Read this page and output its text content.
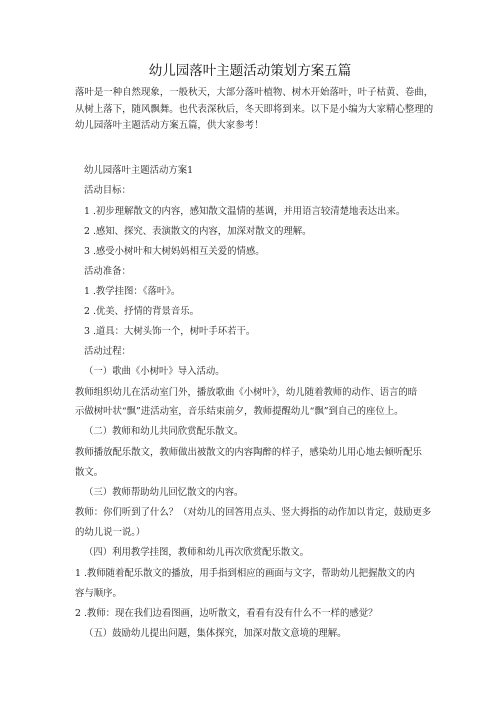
幼儿园落叶主题活动策划方案五篇
落叶是一种自然现象，一般秋天，大部分落叶植物、树木开始落叶，叶子枯黄、卷曲，
从树上落下，随风飘舞。也代表深秋后，冬天即将到来。以下是小编为大家精心整理的
幼儿园落叶主题活动方案五篇，供大家参考！
幼儿园落叶主题活动方案1
活动目标：
1 .初步理解散文的内容，感知散文温情的基调，并用语言较清楚地表达出来。
2 .感知、探究、表演散文的内容，加深对散文的理解。
3 .感受小树叶和大树妈妈相互关爱的情感。
活动准备：
1 .教学挂图：《落叶》。
2 .优美、抒情的背景音乐。
3 .道具：大树头饰一个，树叶手环若干。
活动过程：
（一）歌曲《小树叶》导入活动。
教师组织幼儿在活动室门外，播放歌曲《小树叶》，幼儿随着教师的动作、语言的暗
示做树叶状“飘”进活动室，音乐结束前夕，教师提醒幼儿“飘”到自己的座位上。
（二）教师和幼儿共同欣赏配乐散文。
教师播放配乐散文，教师做出被散文的内容陶醉的样子，感染幼儿用心地去倾听配乐
散文。
（三）教师帮助幼儿回忆散文的内容。
教师：你们听到了什么？（对幼儿的回答用点头、竖大拇指的动作加以肯定，鼓励更多
的幼儿说一说。）
（四）利用教学挂图，教师和幼儿再次欣赏配乐散文。
1 .教师随着配乐散文的播放，用手指到相应的画面与文字，帮助幼儿把握散文的内
容与顺序。
2 .教师：现在我们边看图画，边听散文，看看有没有什么不一样的感觉？
（五）鼓励幼儿提出问题，集体探究，加深对散文意境的理解。
